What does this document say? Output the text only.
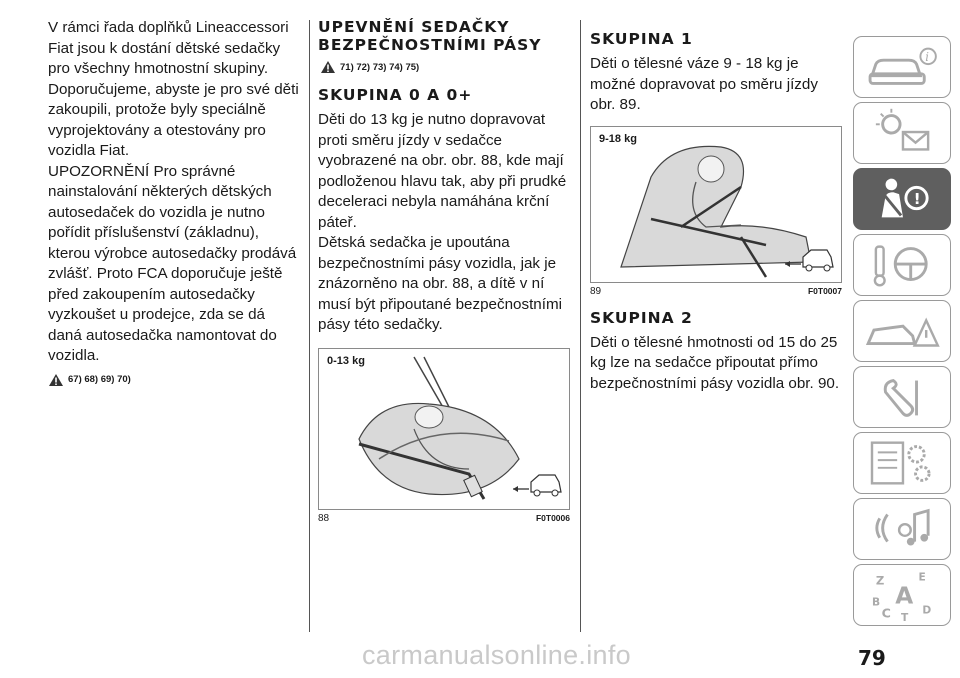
V rámci řada doplňků Lineaccessori Fiat jsou k dostání dětské sedačky pro všechny hmotnostní skupiny. Doporučujeme, abyste je pro své děti zakoupili, protože byly speciálně vyprojektovány a otestovány pro vozidla Fiat.

UPOZORNĚNÍ Pro správné nainstalování některých dětských autosedaček do vozidla je nutno pořídit příslušenství (základnu), kterou výrobce autosedačky prodává zvlášť. Proto FCA doporučuje ještě před zakoupením autosedačky vyzkoušet u prodejce, zda se dá daná autosedačka namontovat do vozidla.

67) 68) 69) 70)
UPEVNĚNÍ SEDAČKY BEZPEČNOSTNÍMI PÁSY
71) 72) 73) 74) 75)
SKUPINA 0 A 0+

Děti do 13 kg je nutno dopravovat proti směru jízdy v sedačce vyobrazené na obr. obr. 88, kde mají podloženou hlavu tak, aby při prudké deceleraci nebyla namáhána krční páteř.

Dětská sedačka je upoutána bezpečnostními pásy vozidla, jak je znázorněno na obr. 88, a dítě v ní musí být připoutané bezpečnostními pásy této sedačky.

0-13 kg
88	F0T0006
SKUPINA 1

Děti o tělesné váze 9 - 18 kg je možné dopravovat po směru jízdy obr. 89.

9-18 kg
89	F0T0007
SKUPINA 2

Děti o tělesné hmotnosti od 15 do 25 kg lze na sedačce připoutat přímo bezpečnostními pásy vozidla obr. 90.

i
!
Z	E
B A
C	D
T
79
carmanualsonline.info
